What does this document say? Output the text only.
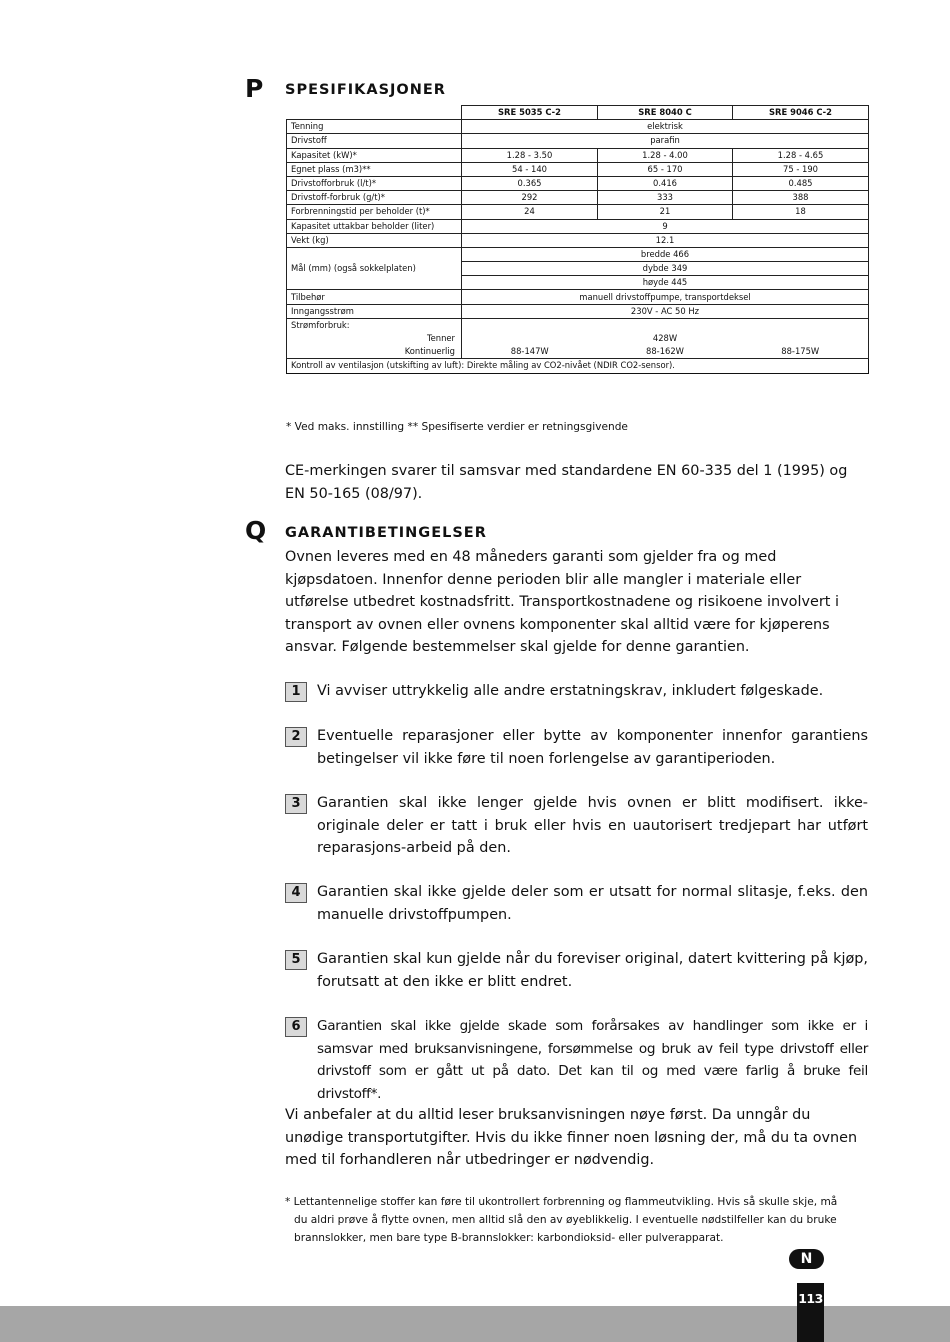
P SPESIFIKASJONER
	SRE 5035 C-2	SRE 8040 C	SRE 9046 C-2
Tenning	elektrisk		
Drivstoff	parafin		
Kapasitet (kW)*	1.28 - 3.50	1.28 - 4.00	1.28 - 4.65
Egnet plass (m3)**	54 - 140	65 - 170	75 - 190
Drivstofforbruk (l/t)*	0.365	0.416	0.485
Drivstoff-forbruk (g/t)*	292	333	388
Forbrenningstid per beholder (t)*	24	21	18
Kapasitet uttakbar beholder (liter)	9		
Vekt (kg)	12.1		
Mål (mm) (også sokkelplaten)	bredde 466		
	dybde 349		
	høyde 445		
Tilbehør	manuell drivstoffpumpe, transportdeksel		
Inngangsstrøm	230V - AC 50 Hz		
Strømforbruk:			
Tenner	428W		
Kontinuerlig	88-147W	88-162W	88-175W
Kontroll av ventilasjon (utskifting av luft): Direkte måling av CO2-nivået (NDIR CO2-sensor).			
* Ved maks. innstilling ** Spesifiserte verdier er retningsgivende
CE-merkingen svarer til samsvar med standardene EN 60-335 del 1 (1995) og EN 50-165 (08/97).
Q GARANTIBETINGELSER
Ovnen leveres med en 48 måneders garanti som gjelder fra og med kjøpsdatoen. Innenfor denne perioden blir alle mangler i materiale eller utførelse utbedret kostnadsfritt. Transportkostnadene og risikoene involvert i transport av ovnen eller ovnens komponenter skal alltid være for kjøperens ansvar. Følgende bestemmelser skal gjelde for denne garantien.
1	Vi avviser uttrykkelig alle andre erstatningskrav, inkludert følgeskade.
2	Eventuelle reparasjoner eller bytte av komponenter innenfor garantiens betingelser vil ikke føre til noen forlengelse av garantiperioden.
3	Garantien skal ikke lenger gjelde hvis ovnen er blitt modifisert. ikke-originale deler er tatt i bruk eller hvis en uautorisert tredjepart har utført reparasjons-arbeid på den.
4	Garantien skal ikke gjelde deler som er utsatt for normal slitasje, f.eks. den manuelle drivstoffpumpen.
5	Garantien skal kun gjelde når du foreviser original, datert kvittering på kjøp, forutsatt at den ikke er blitt endret.
6	Garantien skal ikke gjelde skade som forårsakes av handlinger som ikke er i samsvar med bruksanvisningene, forsømmelse og bruk av feil type drivstoff eller drivstoff som er gått ut på dato. Det kan til og med være farlig å bruke feil drivstoff*.
Vi anbefaler at du alltid leser bruksanvisningen nøye først. Da unngår du unødige transportutgifter. Hvis du ikke finner noen løsning der, må du ta ovnen med til forhandleren når utbedringer er nødvendig.
* Lettantennelige stoffer kan føre til ukontrollert forbrenning og flammeutvikling. Hvis så skulle skje, må
du aldri prøve å flytte ovnen, men alltid slå den av øyeblikkelig. I eventuelle nødstilfeller kan du bruke
brannslokker, men bare type B-brannslokker: karbondioksid- eller pulverapparat.
N
113
